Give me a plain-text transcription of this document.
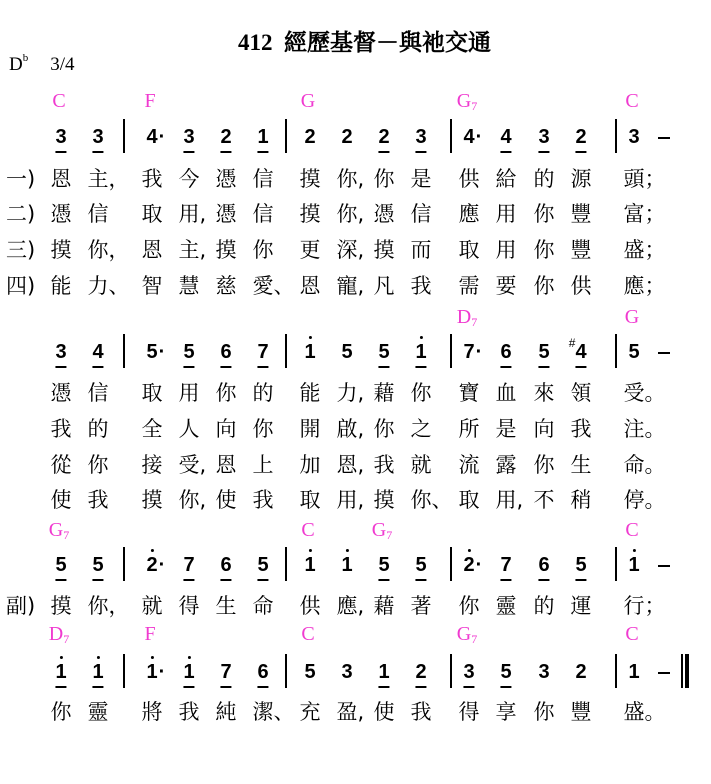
412  經歷基督－與祂交通
$D^b$ 3/4
C	F	G	$G_7$	C
3 3 4 · 3 2 1 2 2 2 3 4 · 4 3 2 3
一) 恩 主 ， 我 今 憑 信 摸 你 , 你 是 供 給 的 源 頭 ；
二) 憑 信 取 用 , 憑 信 摸 你 , 憑 信 應 用 你 豐 富 ；
三) 摸 你 ， 恩 主 , 摸 你 更 深 , 摸 而 取 用 你 豐 盛 ；
四) 能 力 、 智 慧 慈 愛 、 恩 寵 , 凡 我 需 要 你 供 應 ；
$D_7$	G
3 4 5 · 5 6 7 1 5 5 1 7 · 6 5 4
#	5
憑 信 取 用 你 的 能 力 , 藉 你 寶 血 來 領 受 。
我 的 全 人 向 你 開 啟 , 你 之 所 是 向 我 注 。
從 你 接 受 , 恩 上 加 恩 , 我 就 流 露 你 生 命 。
使 我 摸 你 , 使 我 取 用 , 摸 你 、 取 用 , 不 稍 停 。
$G_7$	C	$G_7$	C
5 5 2 · 7 6 5 1 1 5 5 2 · 7 6 5 1
副) 摸 你 ， 就 得 生 命 供 應 , 藉 著 你 靈 的 運 行 ；
$D_7$	F	C	$G_7$	C
1 1 1 · 1 7 6 5 3 1 2 3 5 3 2 1
你 靈 將 我 純 潔 、 充 盈 , 使 我 得 享 你 豐 盛 。
